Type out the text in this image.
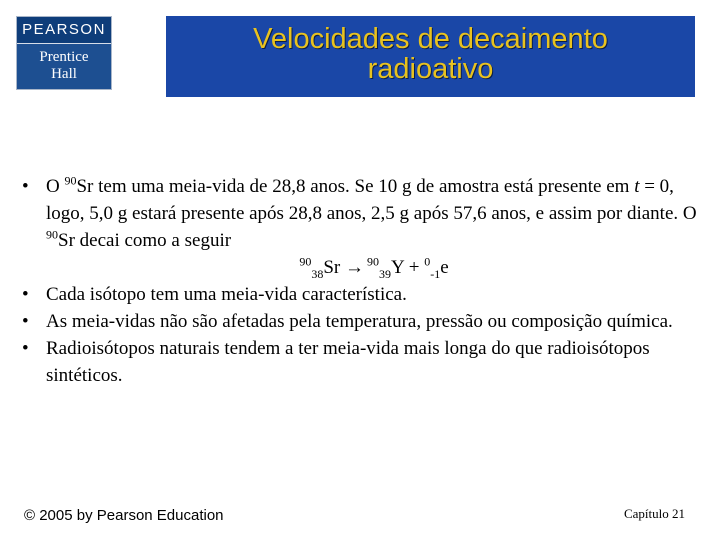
PEARSON
Prentice
Hall
Velocidades de decaimento
radioativo
• O $^{90}$Sr tem uma meia-vida de 28,8 anos. Se 10 g de amostra está presente em t = 0, logo, 5,0 g estará presente após 28,8 anos, 2,5 g após 57,6 anos, e assim por diante. O $^{90}$Sr decai como a seguir
$^{90}_{38}$Sr → $^{90}_{39}$Y + $^0_{-1}$e
• Cada isótopo tem uma meia-vida característica.
• As meia-vidas não são afetadas pela temperatura, pressão ou composição química.
• Radioisótopos naturais tendem a ter meia-vida mais longa do que radioisótopos sintéticos.
© 2005 by Pearson Education	Capítulo 21
